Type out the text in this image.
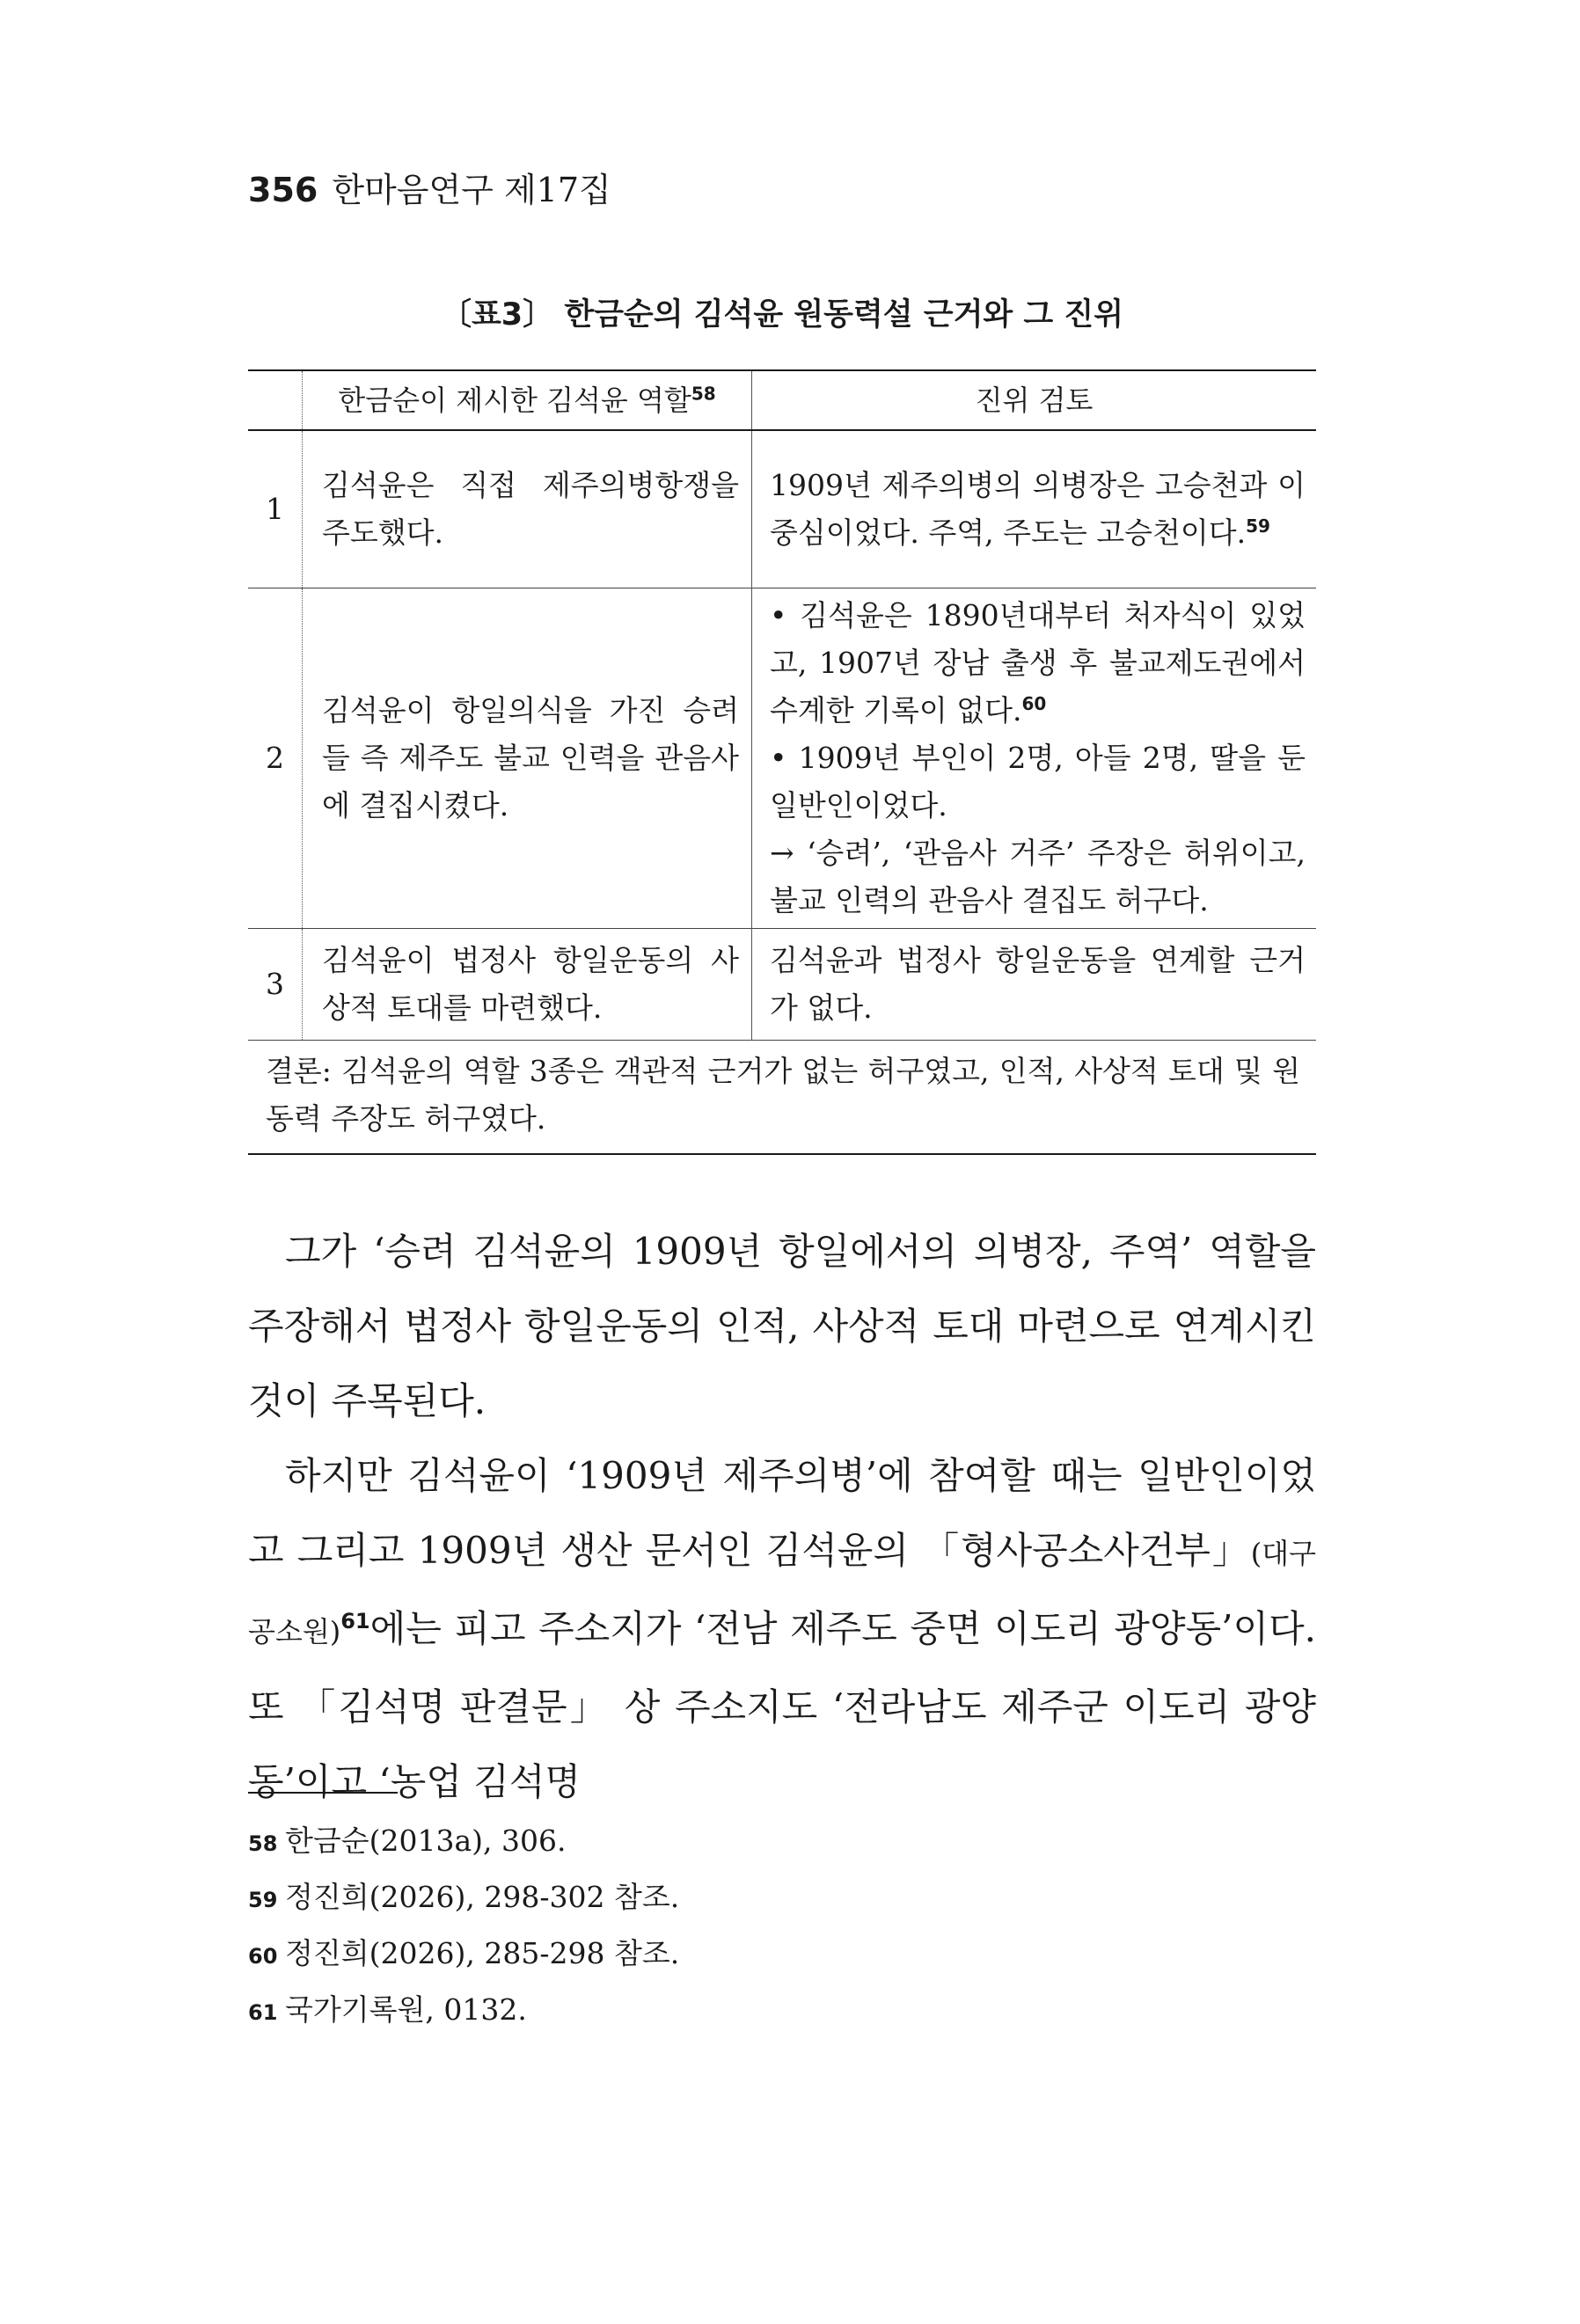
356 한마음연구 제17집
〔표3〕 한금순의 김석윤 원동력설 근거와 그 진위
	한금순이 제시한 김석윤 역할$^{58}$	진위 검토
1	김석윤은 직접 제주의병항쟁을 주도했다.	1909년 제주의병의 의병장은 고승천과 이중심이었다. 주역, 주도는 고승천이다.$^{59}$
2	김석윤이 항일의식을 가진 승려들 즉 제주도 불교 인력을 관음사에 결집시켰다.	• 김석윤은 1890년대부터 처자식이 있었고, 1907년 장남 출생 후 불교제도권에서 수계한 기록이 없다.$^{60}$
• 1909년 부인이 2명, 아들 2명, 딸을 둔 일반인이었다.
→ ‘승려’, ‘관음사 거주’ 주장은 허위이고, 불교 인력의 관음사 결집도 허구다.

3	김석윤이 법정사 항일운동의 사상적 토대를 마련했다.	김석윤과 법정사 항일운동을 연계할 근거가 없다.
결론: 김석윤의 역할 3종은 객관적 근거가 없는 허구였고, 인적, 사상적 토대 및 원동력 주장도 허구였다.		

그가 ‘승려 김석윤의 1909년 항일에서의 의병장, 주역’ 역할을 주장해서 법정사 항일운동의 인적, 사상적 토대 마련으로 연계시킨 것이 주목된다.

하지만 김석윤이 ‘1909년 제주의병’에 참여할 때는 일반인이었고 그리고 1909년 생산 문서인 김석윤의 「형사공소사건부」(대구공소원)$^{61}$에는 피고 주소지가 ‘전남 제주도 중면 이도리 광양동’이다. 또 「김석명 판결문」 상 주소지도 ‘전라남도 제주군 이도리 광양동’이고 ‘농업 김석명

58 한금순(2013a), 306.
59 정진희(2026), 298-302 참조.
60 정진희(2026), 285-298 참조.
61 국가기록원, 0132.
